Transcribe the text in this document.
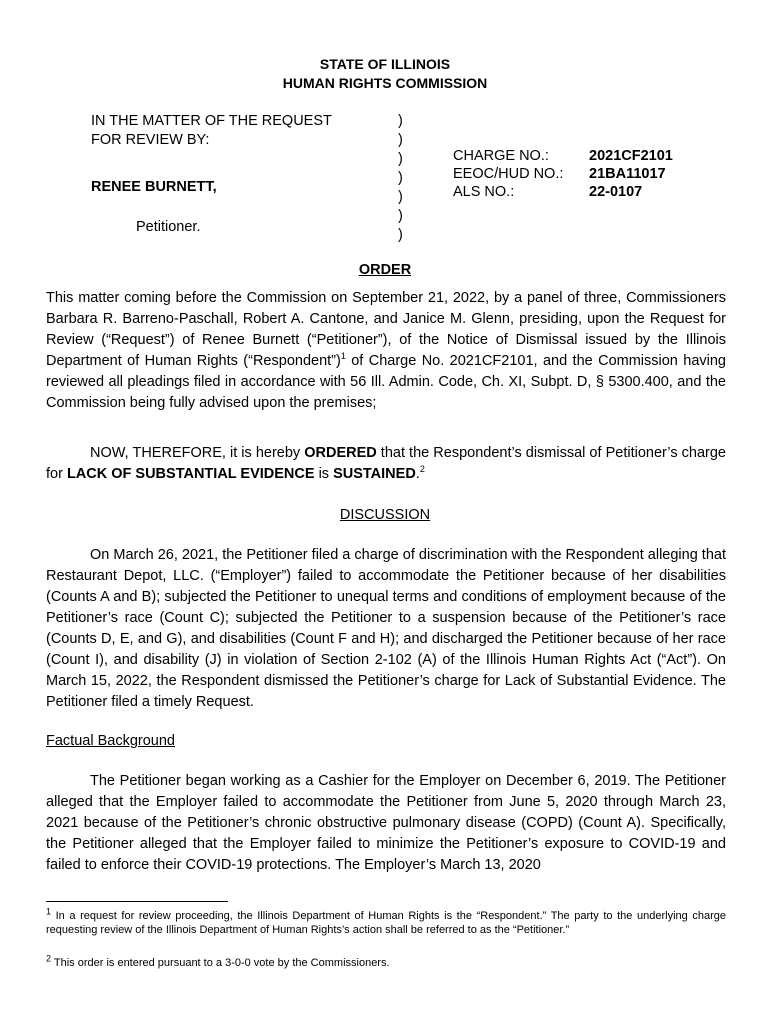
STATE OF ILLINOIS
HUMAN RIGHTS COMMISSION
IN THE MATTER OF THE REQUEST
FOR REVIEW BY:
RENEE BURNETT,
Petitioner.
)
)
)
)
)
)
)
CHARGE NO.:
EEOC/HUD NO.:
ALS NO.:
2021CF2101
21BA11017
22-0107
ORDER
This matter coming before the Commission on September 21, 2022, by a panel of three, Commissioners Barbara R. Barreno-Paschall, Robert A. Cantone, and Janice M. Glenn, presiding, upon the Request for Review (“Request”) of Renee Burnett (“Petitioner”), of the Notice of Dismissal issued by the Illinois Department of Human Rights (“Respondent”)$^1$ of Charge No. 2021CF2101, and the Commission having reviewed all pleadings filed in accordance with 56 Ill. Admin. Code, Ch. XI, Subpt. D, § 5300.400, and the Commission being fully advised upon the premises;
NOW, THEREFORE, it is hereby ORDERED that the Respondent’s dismissal of Petitioner’s charge for LACK OF SUBSTANTIAL EVIDENCE is SUSTAINED.$^2$
DISCUSSION
On March 26, 2021, the Petitioner filed a charge of discrimination with the Respondent alleging that Restaurant Depot, LLC. (“Employer”) failed to accommodate the Petitioner because of her disabilities (Counts A and B); subjected the Petitioner to unequal terms and conditions of employment because of the Petitioner’s race (Count C); subjected the Petitioner to a suspension because of the Petitioner’s race (Counts D, E, and G), and disabilities (Count F and H); and discharged the Petitioner because of her race (Count I), and disability (J) in violation of Section 2-102 (A) of the Illinois Human Rights Act (“Act”). On March 15, 2022, the Respondent dismissed the Petitioner’s charge for Lack of Substantial Evidence. The Petitioner filed a timely Request.
Factual Background
The Petitioner began working as a Cashier for the Employer on December 6, 2019. The Petitioner alleged that the Employer failed to accommodate the Petitioner from June 5, 2020 through March 23, 2021 because of the Petitioner’s chronic obstructive pulmonary disease (COPD) (Count A). Specifically, the Petitioner alleged that the Employer failed to minimize the Petitioner’s exposure to COVID-19 and failed to enforce their COVID-19 protections. The Employer’s March 13, 2020
$^1$ In a request for review proceeding, the Illinois Department of Human Rights is the “Respondent.” The party to the underlying charge requesting review of the Illinois Department of Human Rights’s action shall be referred to as the “Petitioner.”
$^2$ This order is entered pursuant to a 3-0-0 vote by the Commissioners.
